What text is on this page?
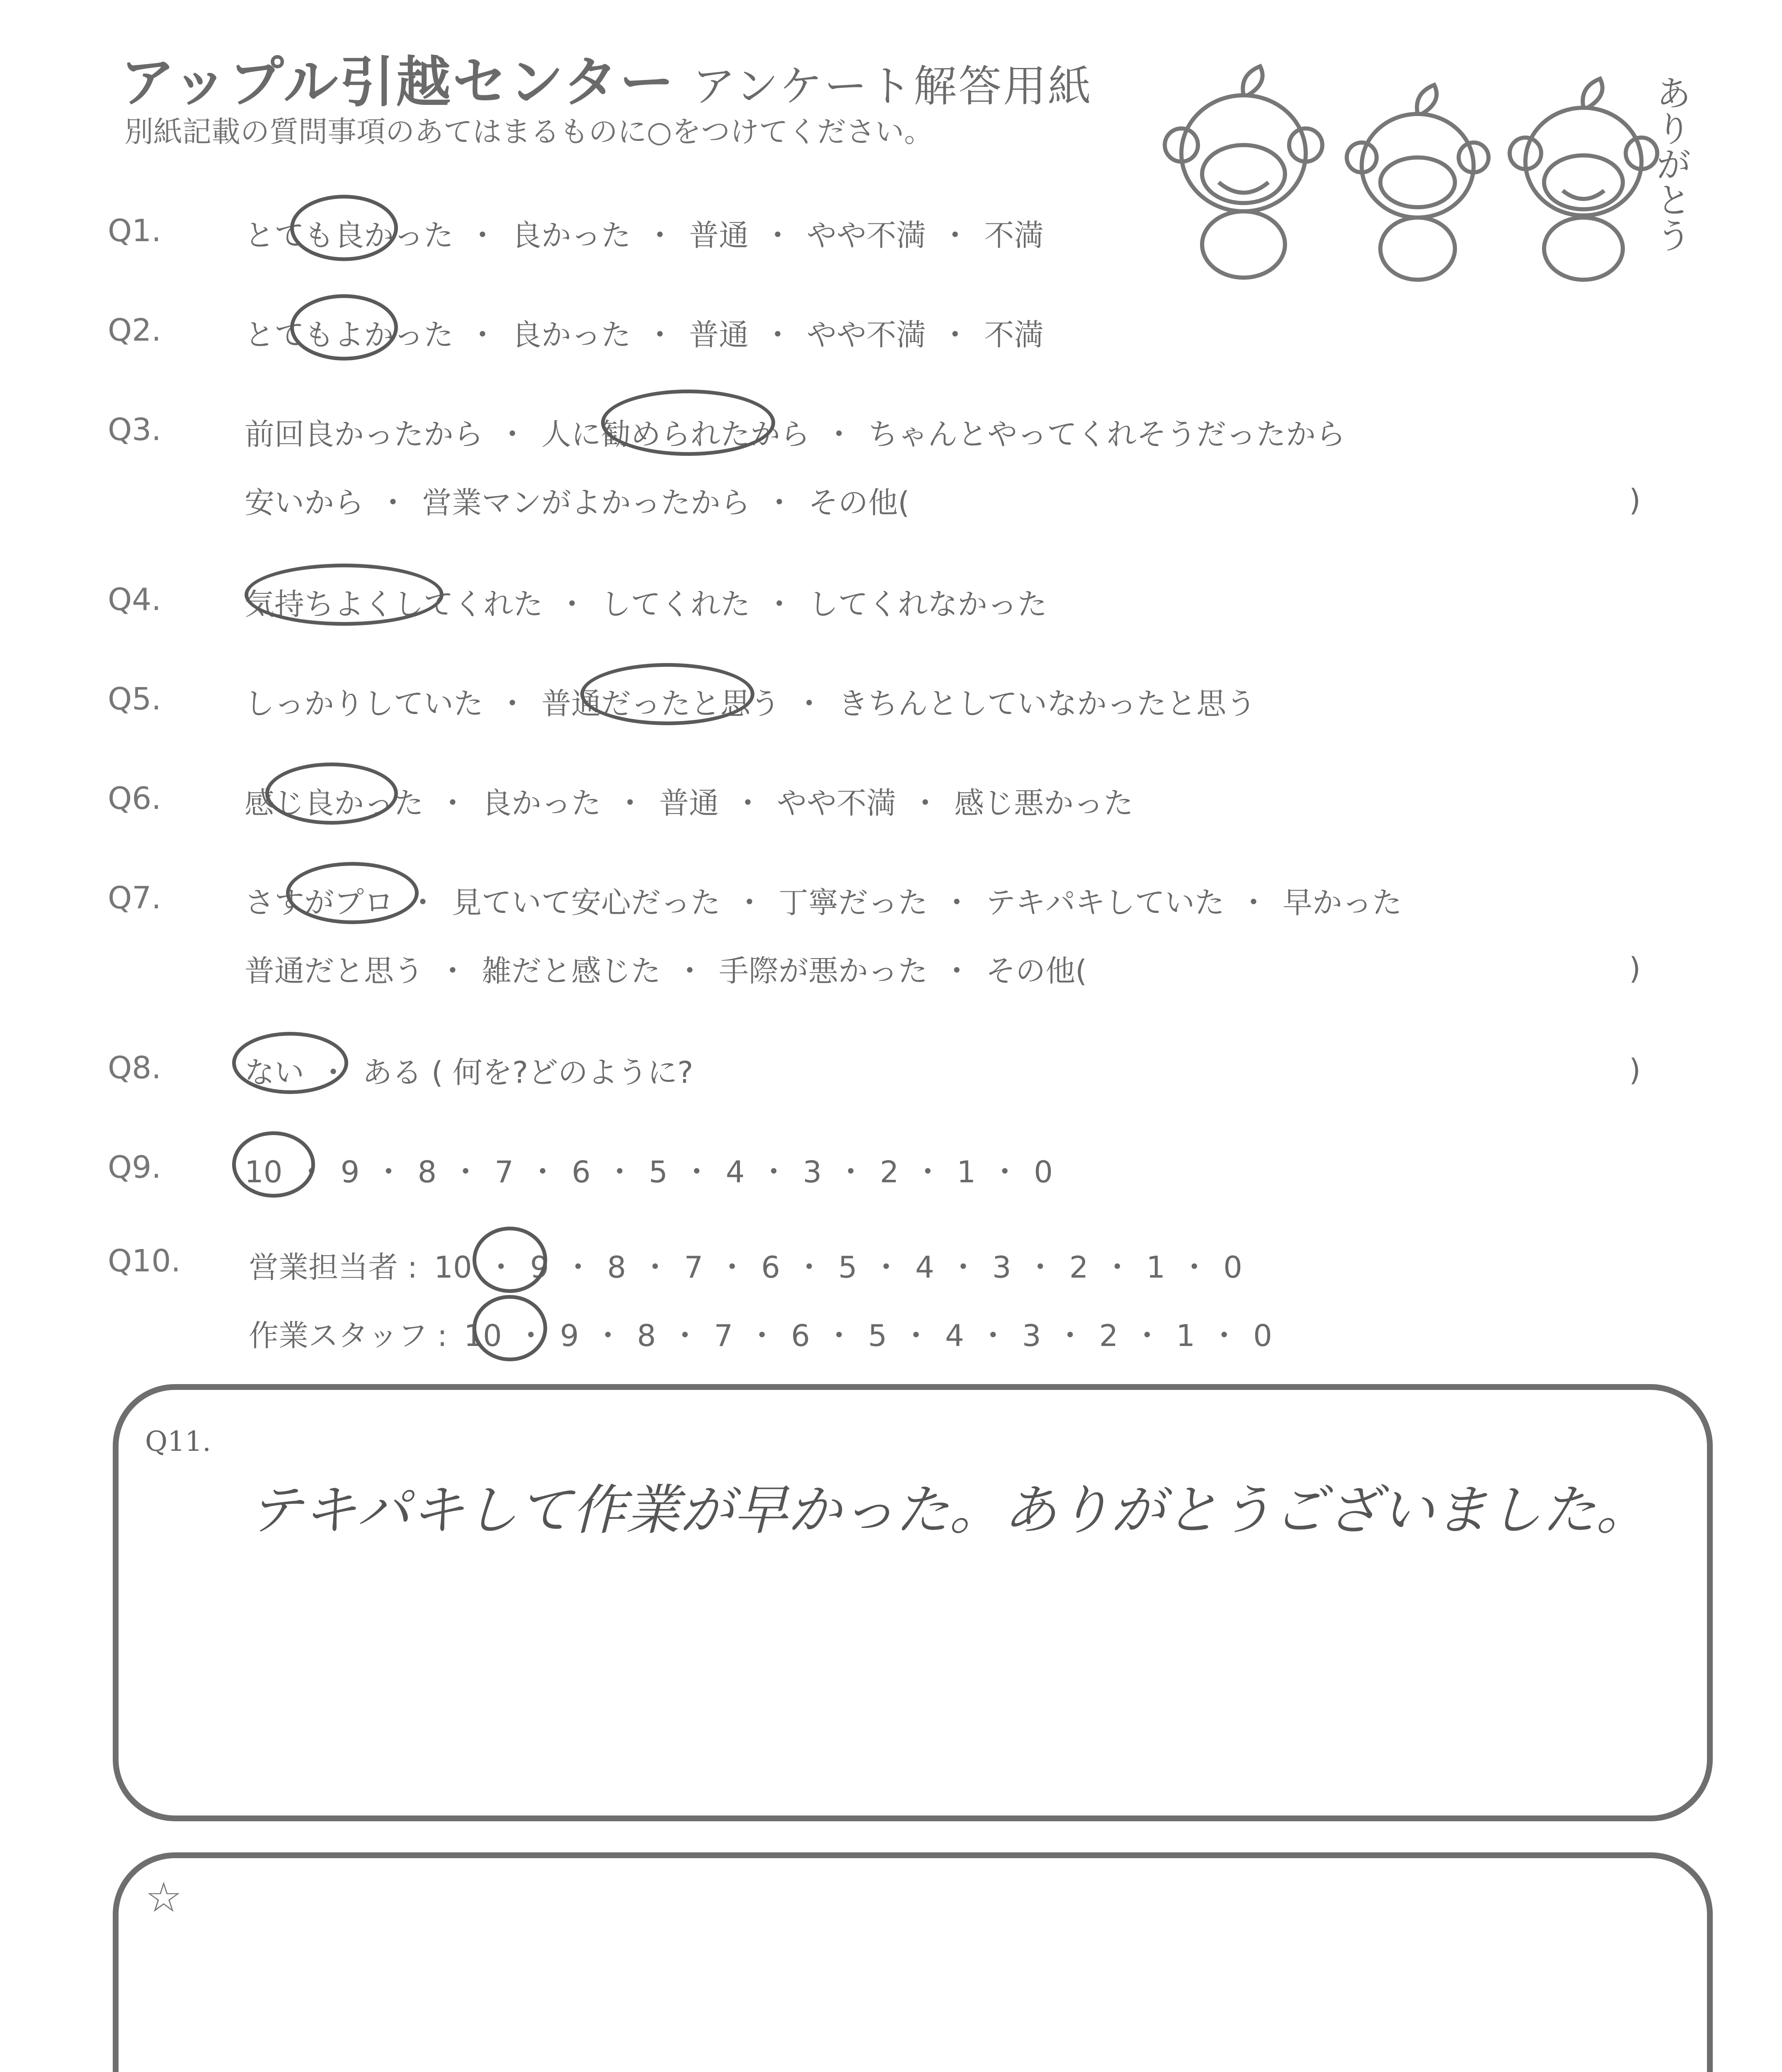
アップル引越センター アンケート解答用紙
別紙記載の質問事項のあてはまるものに○をつけてください。	ありがとう
Q1.	とても良かった ・ 良かった ・ 普通 ・ やや不満 ・ 不満
Q2.	とてもよかった ・ 良かった ・ 普通 ・ やや不満 ・ 不満
Q3.	前回良かったから ・ 人に勧められたから ・ ちゃんとやってくれそうだったから
安いから ・ 営業マンがよかったから ・ その他(	)
Q4.	気持ちよくしてくれた ・ してくれた ・ してくれなかった
Q5.	しっかりしていた ・ 普通だったと思う ・ きちんとしていなかったと思う
Q6.	感じ良かった ・ 良かった ・ 普通 ・ やや不満 ・ 感じ悪かった
Q7.	さすがプロ ・ 見ていて安心だった ・ 丁寧だった ・ テキパキしていた ・ 早かった
普通だと思う ・ 雑だと感じた ・ 手際が悪かった ・ その他(	)
Q8.	ない ・ ある ( 何を?どのように?	)
Q9.	10 ・ 9 ・ 8 ・ 7 ・ 6 ・ 5 ・ 4 ・ 3 ・ 2 ・ 1 ・ 0
Q10. 営業担当者 : 10 ・ 9 ・ 8 ・ 7 ・ 6 ・ 5 ・ 4 ・ 3 ・ 2 ・ 1 ・ 0
作業スタッフ : 10 ・ 9 ・ 8 ・ 7 ・ 6 ・ 5 ・ 4 ・ 3 ・ 2 ・ 1 ・ 0
Q11.
テキパキして作業が早かった。ありがとうございました。
☆
